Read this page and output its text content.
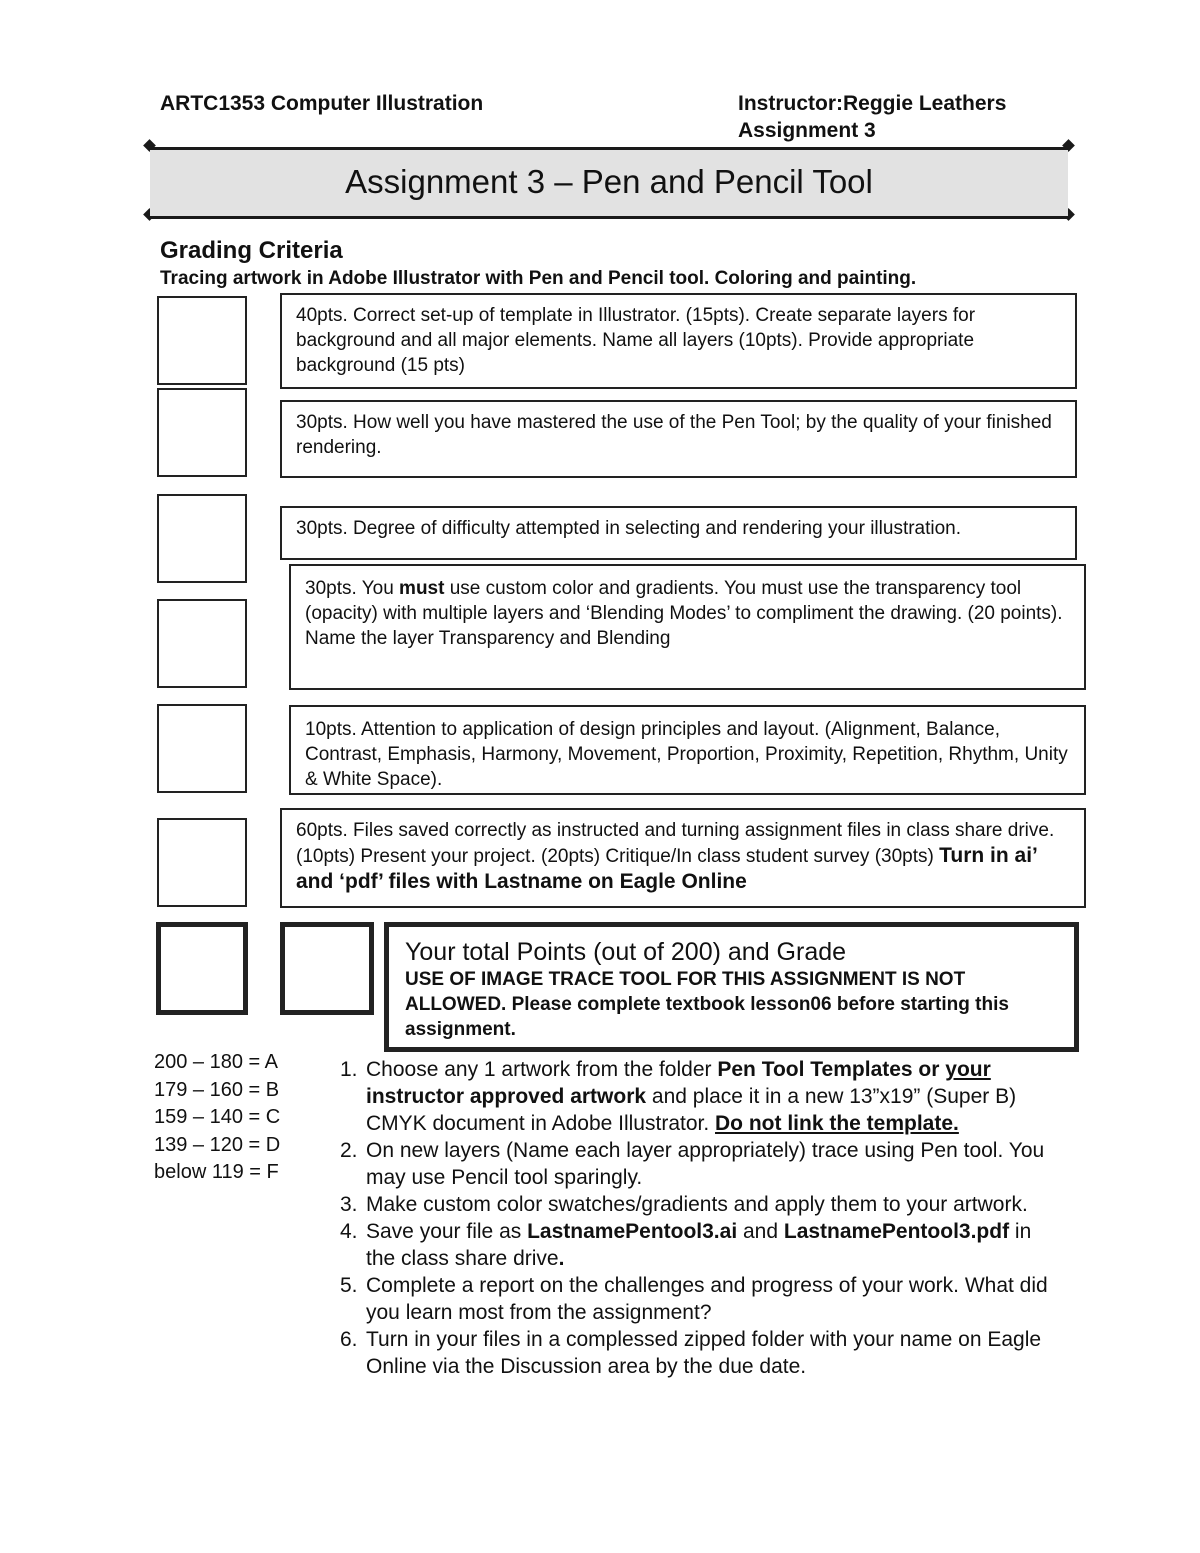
ARTC1353 Computer Illustration	Instructor:Reggie Leathers
Assignment 3
Assignment 3 – Pen and Pencil Tool
Grading Criteria
Tracing artwork in Adobe Illustrator with Pen and Pencil tool. Coloring and painting.
40pts. Correct set-up of template in Illustrator. (15pts). Create separate layers for background and all major elements. Name all layers (10pts). Provide appropriate background (15 pts)
30pts. How well you have mastered the use of the Pen Tool; by the quality of your finished rendering.
30pts. Degree of difficulty attempted in selecting and rendering your illustration.
30pts. You must use custom color and gradients. You must use the transparency tool (opacity) with multiple layers and ‘Blending Modes’ to compliment the drawing. (20 points). Name the layer Transparency and Blending
10pts. Attention to application of design principles and layout. (Alignment, Balance, Contrast, Emphasis, Harmony, Movement, Proportion, Proximity, Repetition, Rhythm, Unity & White Space).
60pts. Files saved correctly as instructed and turning assignment files in class share drive.(10pts) Present your project. (20pts) Critique/In class student survey (30pts) Turn in ai’ and ‘pdf’ files with Lastname on Eagle Online
Your total Points (out of 200) and Grade
USE OF IMAGE TRACE TOOL FOR THIS ASSIGNMENT IS NOT ALLOWED. Please complete textbook lesson06 before starting this assignment.
200 – 180 = A
179 – 160 = B
159 – 140 = C
139 – 120 = D
below 119 = F
1. Choose any 1 artwork from the folder Pen Tool Templates or your instructor approved artwork and place it in a new 13”x19” (Super B) CMYK document in Adobe Illustrator. Do not link the template.
2. On new layers (Name each layer appropriately) trace using Pen tool. You may use Pencil tool sparingly.
3. Make custom color swatches/gradients and apply them to your artwork.
4. Save your file as LastnamePentool3.ai and LastnamePentool3.pdf in the class share drive.
5. Complete a report on the challenges and progress of your work. What did you learn most from the assignment?
6. Turn in your files in a complessed zipped folder with your name on Eagle Online via the Discussion area by the due date.
